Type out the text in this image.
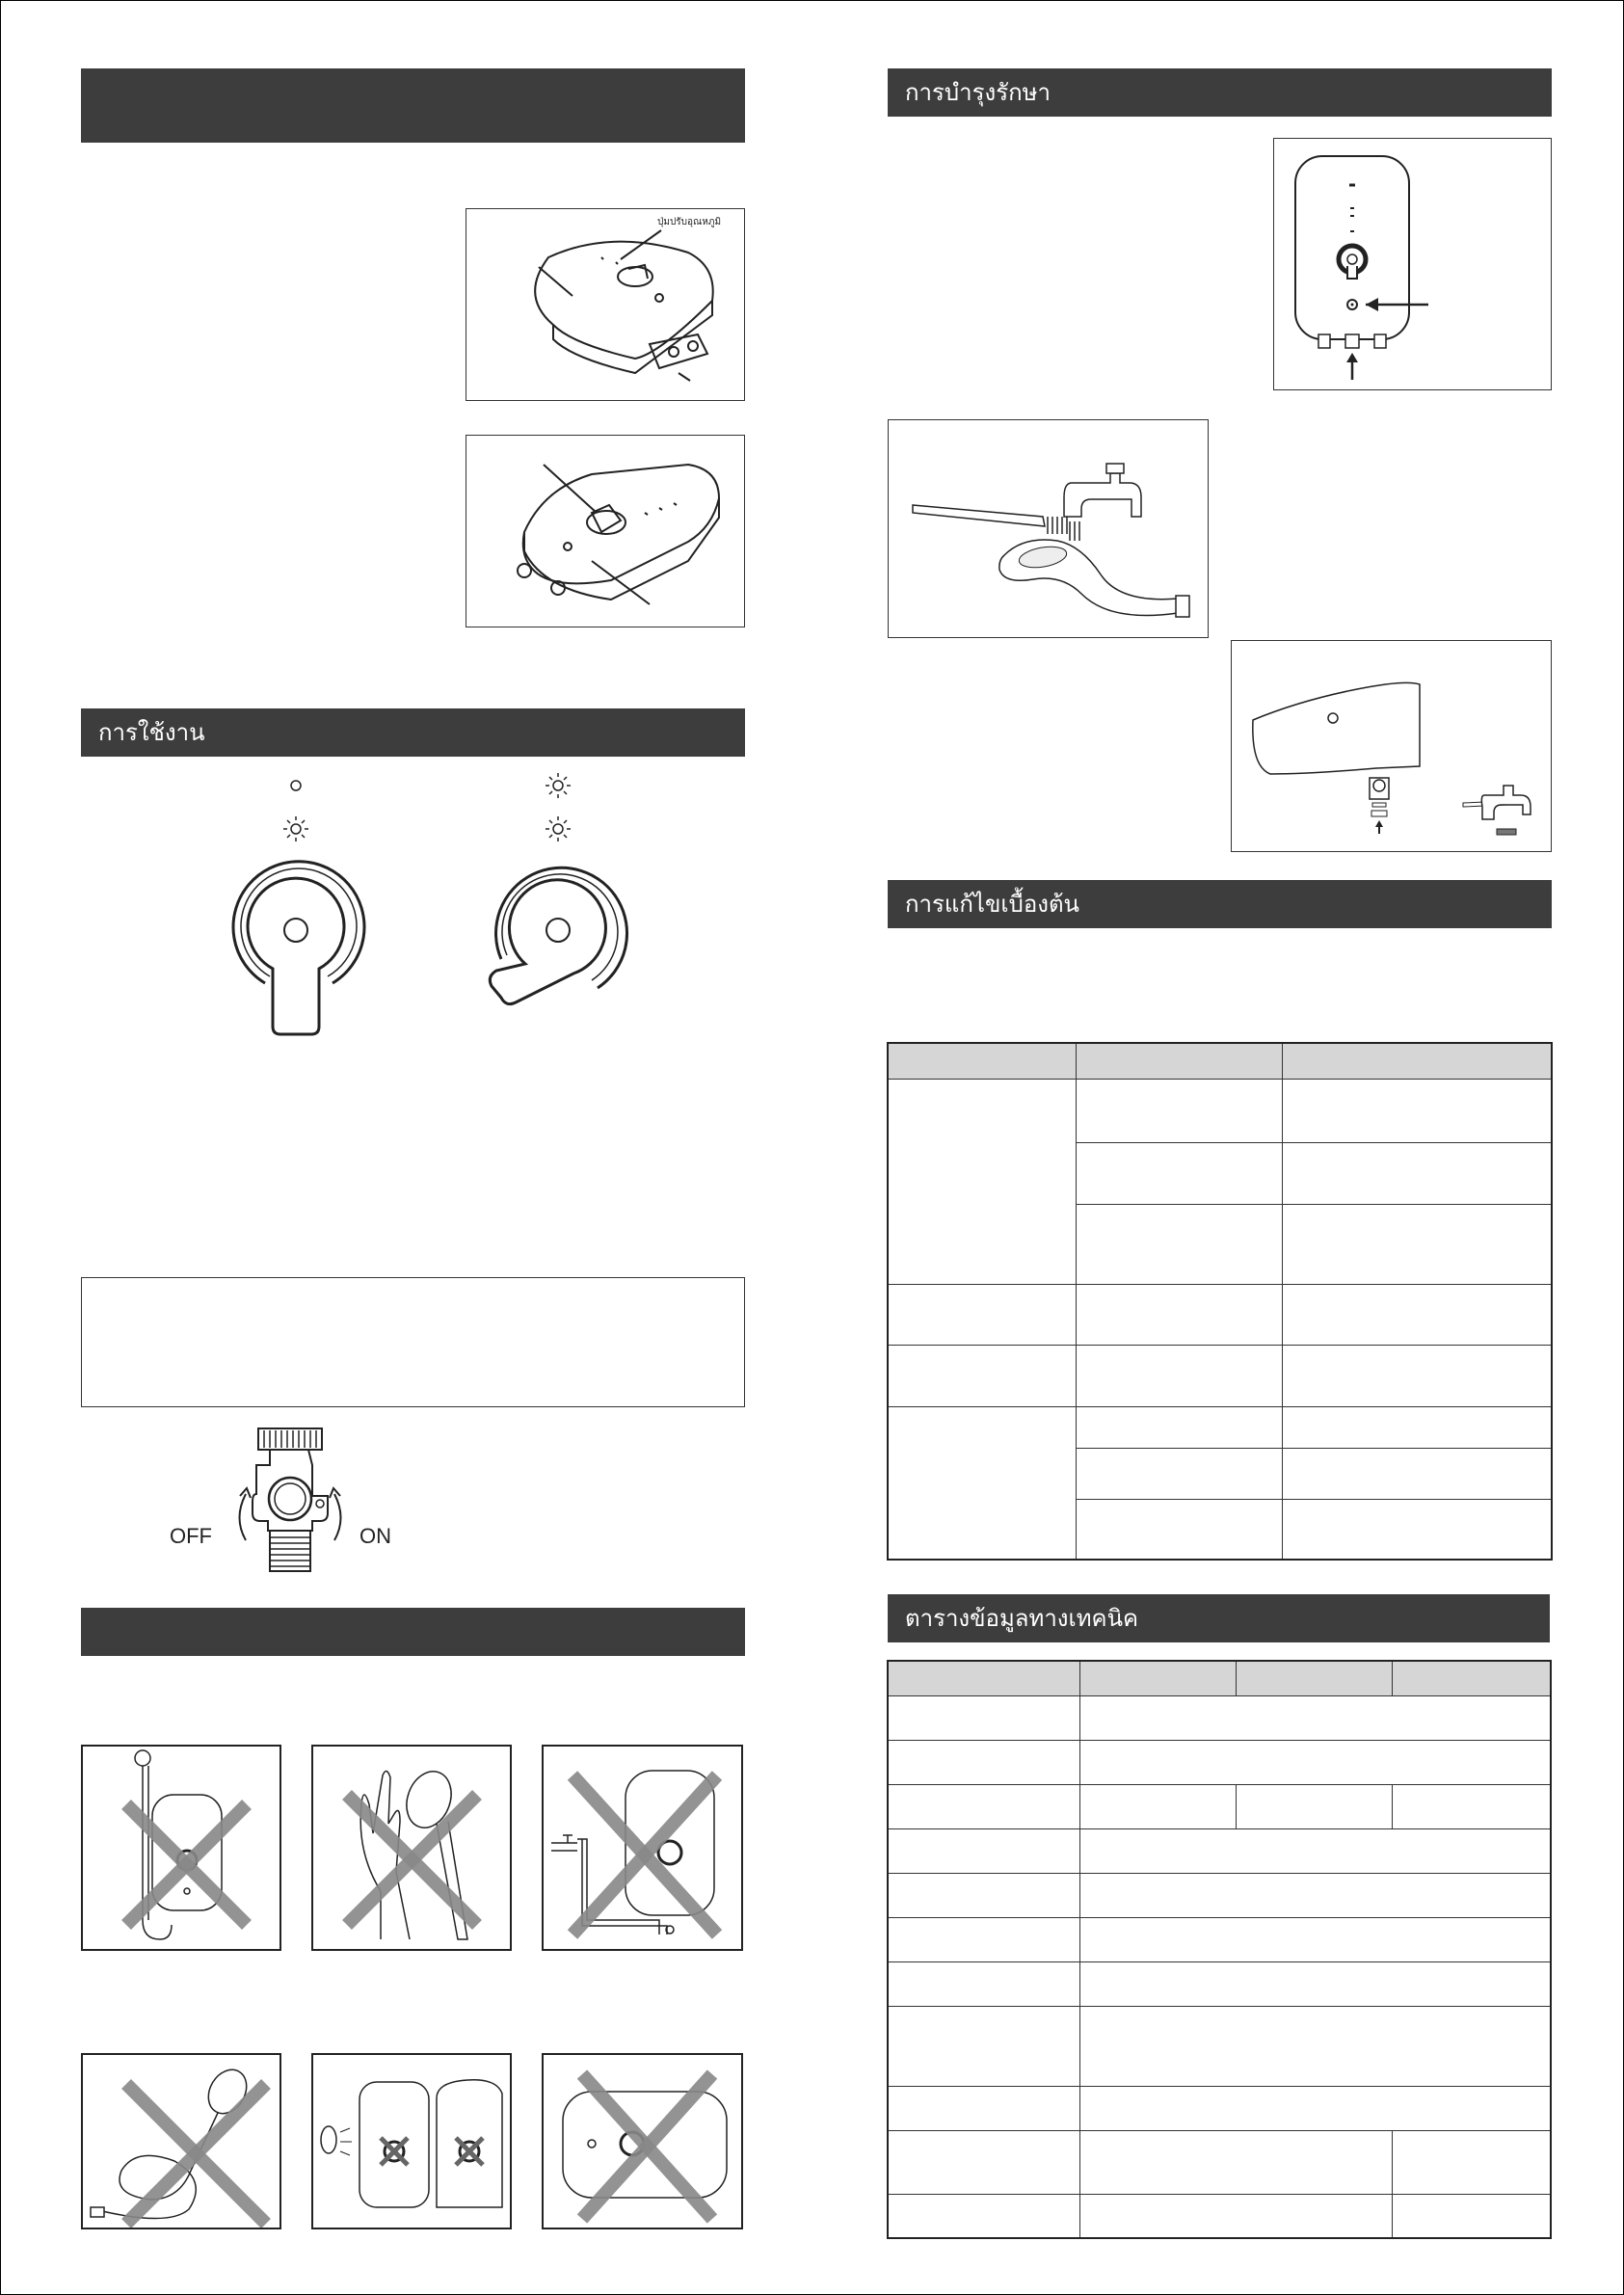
ปุ่มปรับอุณหภูมิ
การใช้งาน
OFF	ON
การบำรุงรักษา
การแก้ไขเบื้องต้น

ตารางข้อมูลทางเทคนิค
